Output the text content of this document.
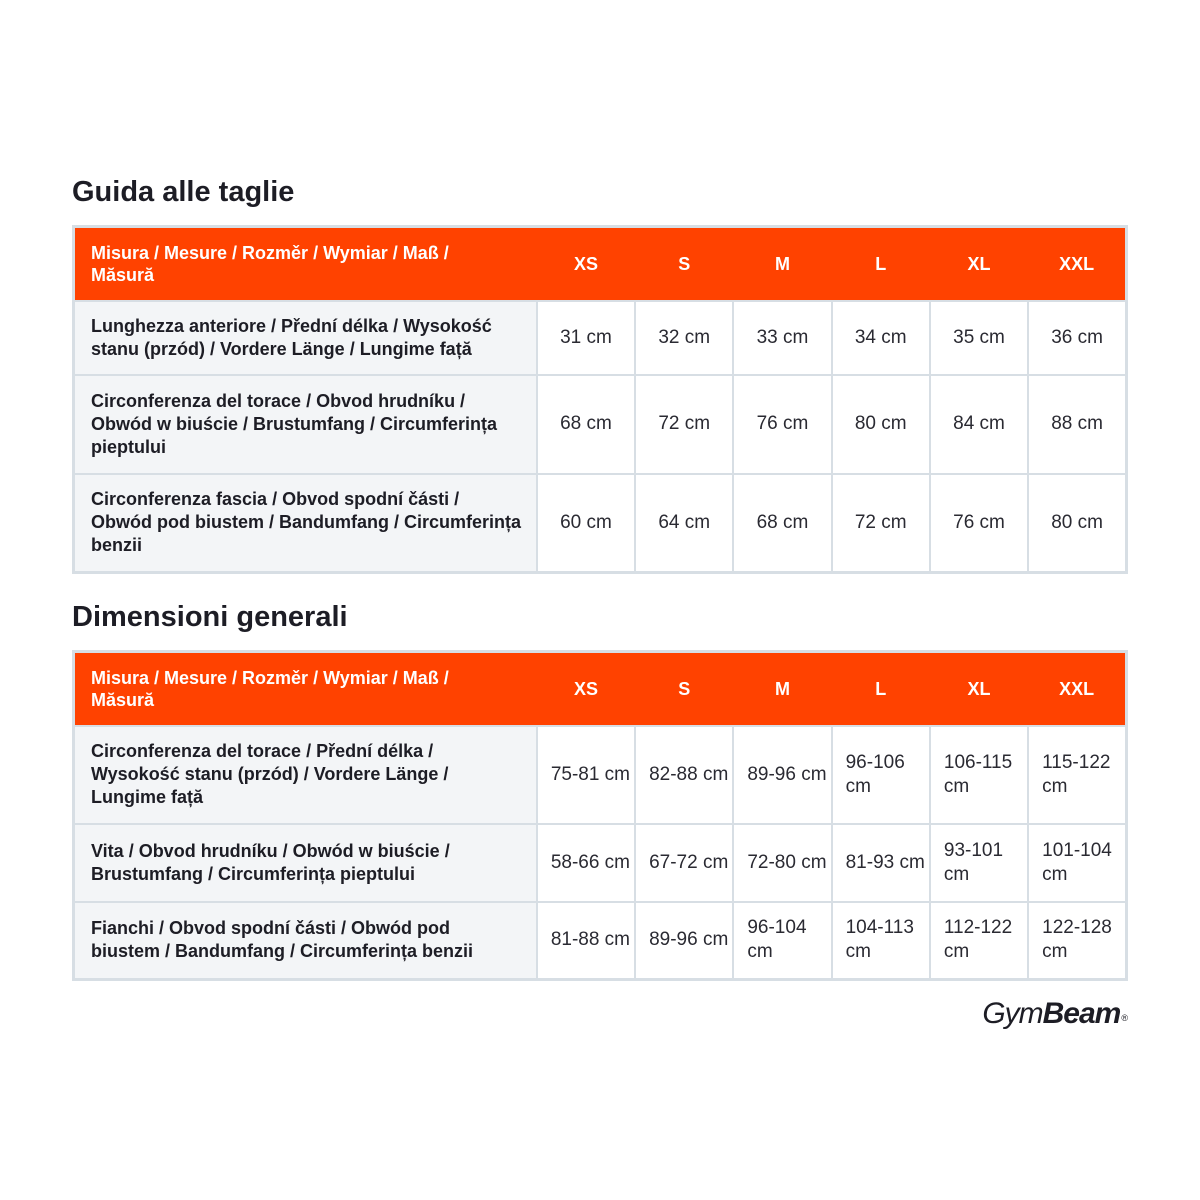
Guida alle taglie
Misura / Mesure / Rozměr / Wymiar / Maß / Măsură	XS	S	M	L	XL	XXL
Lunghezza anteriore / Přední délka / Wysokość stanu (przód) / Vordere Länge / Lungime față	31 cm	32 cm	33 cm	34 cm	35 cm	36 cm
Circonferenza del torace / Obvod hrudníku / Obwód w biuście / Brustumfang / Circumferința pieptului	68 cm	72 cm	76 cm	80 cm	84 cm	88 cm
Circonferenza fascia / Obvod spodní části / Obwód pod biustem / Bandumfang / Circumferința benzii	60 cm	64 cm	68 cm	72 cm	76 cm	80 cm
Dimensioni generali
Misura / Mesure / Rozměr / Wymiar / Maß / Măsură	XS	S	M	L	XL	XXL
Circonferenza del torace / Přední délka / Wysokość stanu (przód) / Vordere Länge / Lungime față	75-81 cm	82-88 cm	89-96 cm	96-106 cm	106-115 cm	115-122 cm
Vita / Obvod hrudníku / Obwód w biuście / Brustumfang / Circumferința pieptului	58-66 cm	67-72 cm	72-80 cm	81-93 cm	93-101 cm	101-104 cm
Fianchi / Obvod spodní části / Obwód pod biustem / Bandumfang / Circumferința benzii	81-88 cm	89-96 cm	96-104 cm	104-113 cm	112-122 cm	122-128 cm
GymBeam®
